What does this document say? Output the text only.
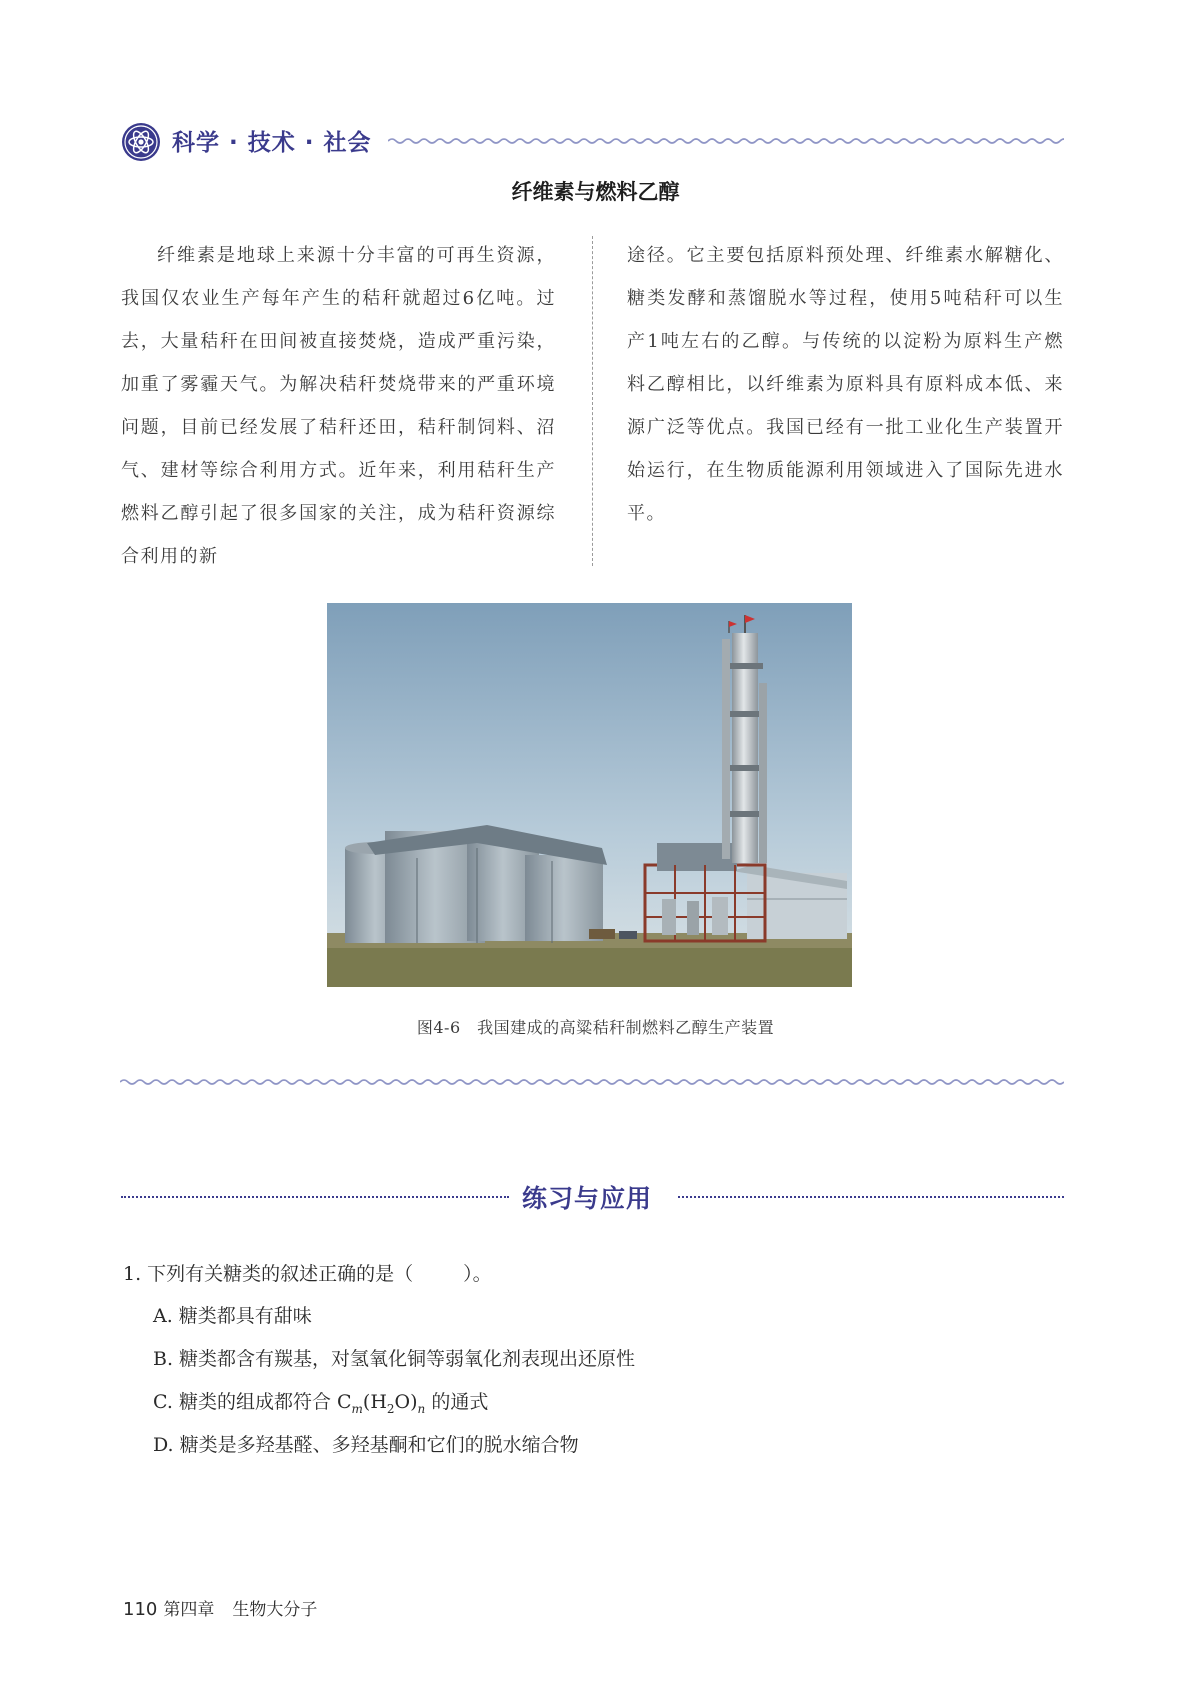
科学 · 技术 · 社会
纤维素与燃料乙醇

纤维素是地球上来源十分丰富的可再生资源，我国仅农业生产每年产生的秸秆就超过6亿吨。过去，大量秸秆在田间被直接焚烧，造成严重污染，加重了雾霾天气。为解决秸秆焚烧带来的严重环境问题，目前已经发展了秸秆还田，秸秆制饲料、沼气、建材等综合利用方式。近年来，利用秸秆生产燃料乙醇引起了很多国家的关注，成为秸秆资源综合利用的新

途径。它主要包括原料预处理、纤维素水解糖化、糖类发酵和蒸馏脱水等过程，使用5吨秸秆可以生产1吨左右的乙醇。与传统的以淀粉为原料生产燃料乙醇相比，以纤维素为原料具有原料成本低、来源广泛等优点。我国已经有一批工业化生产装置开始运行，在生物质能源利用领域进入了国际先进水平。

图4-6　我国建成的高粱秸秆制燃料乙醇生产装置
练习与应用
1. 下列有关糖类的叙述正确的是（	）。
A. 糖类都具有甜味
B. 糖类都含有羰基，对氢氧化铜等弱氧化剂表现出还原性
C. 糖类的组成都符合 $C_m(H_2O)_n$ 的通式
D. 糖类是多羟基醛、多羟基酮和它们的脱水缩合物
110 第四章 生物大分子
